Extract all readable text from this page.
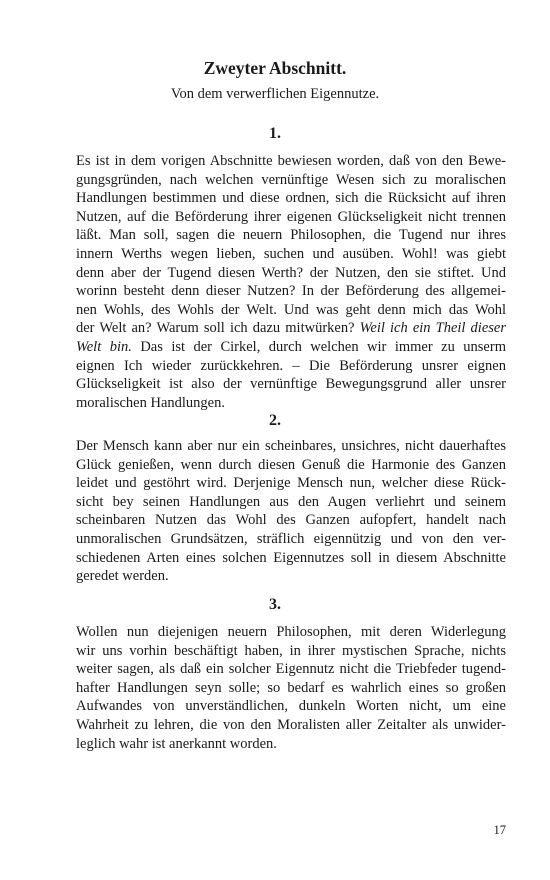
Zweyter Abschnitt.
Von dem verwerflichen Eigennutze.
1.
Es ist in dem vorigen Abschnitte bewiesen worden, daß von den Bewe-
gungsgründen, nach welchen vernünftige Wesen sich zu moralischen
Handlungen bestimmen und diese ordnen, sich die Rücksicht auf ihren
Nutzen, auf die Beförderung ihrer eigenen Glückseligkeit nicht trennen
läßt. Man soll, sagen die neuern Philosophen, die Tugend nur ihres
innern Werths wegen lieben, suchen und ausüben. Wohl! was giebt
denn aber der Tugend diesen Werth? der Nutzen, den sie stiftet. Und
worinn besteht denn dieser Nutzen? In der Beförderung des allgemei-
nen Wohls, des Wohls der Welt. Und was geht denn mich das Wohl
der Welt an? Warum soll ich dazu mitwürken? Weil ich ein Theil dieser
Welt bin. Das ist der Cirkel, durch welchen wir immer zu unserm
eignen Ich wieder zurückkehren. – Die Beförderung unsrer eignen
Glückseligkeit ist also der vernünftige Bewegungsgrund aller unsrer
moralischen Handlungen.
2.
Der Mensch kann aber nur ein scheinbares, unsichres, nicht dauerhaftes
Glück genießen, wenn durch diesen Genuß die Harmonie des Ganzen
leidet und gestöhrt wird. Derjenige Mensch nun, welcher diese Rück-
sicht bey seinen Handlungen aus den Augen verliehrt und seinem
scheinbaren Nutzen das Wohl des Ganzen aufopfert, handelt nach
unmoralischen Grundsätzen, sträflich eigennützig und von den ver-
schiedenen Arten eines solchen Eigennutzes soll in diesem Abschnitte
geredet werden.
3.
Wollen nun diejenigen neuern Philosophen, mit deren Widerlegung
wir uns vorhin beschäftigt haben, in ihrer mystischen Sprache, nichts
weiter sagen, als daß ein solcher Eigennutz nicht die Triebfeder tugend-
hafter Handlungen seyn solle; so bedarf es wahrlich eines so großen
Aufwandes von unverständlichen, dunkeln Worten nicht, um eine
Wahrheit zu lehren, die von den Moralisten aller Zeitalter als unwider-
leglich wahr ist anerkannt worden.
17
